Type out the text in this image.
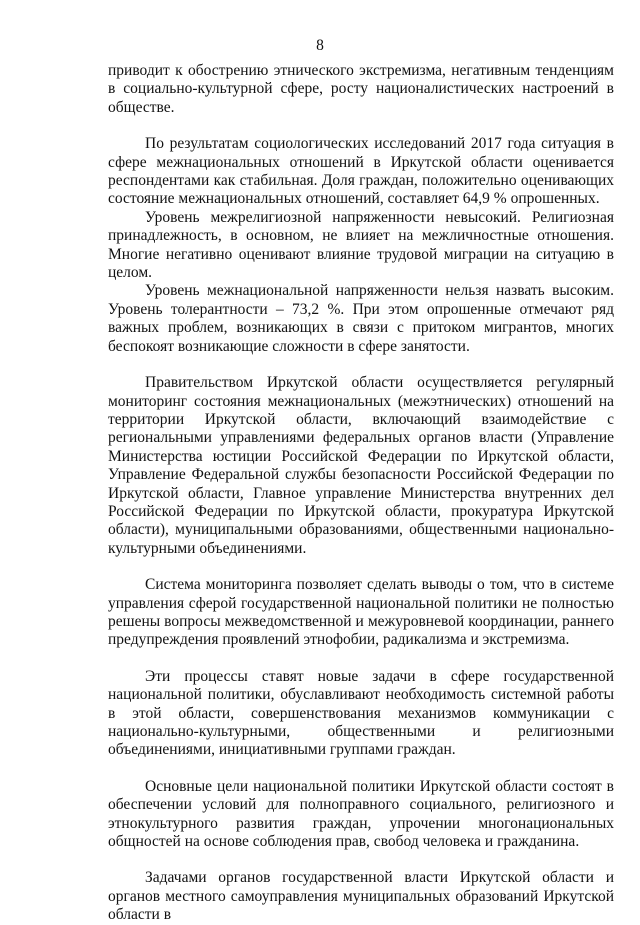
8

приводит к обострению этнического экстремизма, негативным тенденциям в социально-культурной сфере, росту националистических настроений в обществе.

По результатам социологических исследований 2017 года ситуация в сфере межнациональных отношений в Иркутской области оценивается респондентами как стабильная. Доля граждан, положительно оценивающих состояние межнациональных отношений, составляет 64,9 % опрошенных.

Уровень межрелигиозной напряженности невысокий. Религиозная принадлежность, в основном, не влияет на межличностные отношения. Многие негативно оценивают влияние трудовой миграции на ситуацию в целом.

Уровень межнациональной напряженности нельзя назвать высоким. Уровень толерантности – 73,2 %. При этом опрошенные отмечают ряд важных проблем, возникающих в связи с притоком мигрантов, многих беспокоят возникающие сложности в сфере занятости.

Правительством Иркутской области осуществляется регулярный мониторинг состояния межнациональных (межэтнических) отношений на территории Иркутской области, включающий взаимодействие с региональными управлениями федеральных органов власти (Управление Министерства юстиции Российской Федерации по Иркутской области, Управление Федеральной службы безопасности Российской Федерации по Иркутской области, Главное управление Министерства внутренних дел Российской Федерации по Иркутской области, прокуратура Иркутской области), муниципальными образованиями, общественными национально-культурными объединениями.

Система мониторинга позволяет сделать выводы о том, что в системе управления сферой государственной национальной политики не полностью решены вопросы межведомственной и межуровневой координации, раннего предупреждения проявлений этнофобии, радикализма и экстремизма.

Эти процессы ставят новые задачи в сфере государственной национальной политики, обуславливают необходимость системной работы в этой области, совершенствования механизмов коммуникации с национально-культурными, общественными и религиозными объединениями, инициативными группами граждан.

Основные цели национальной политики Иркутской области состоят в обеспечении условий для полноправного социального, религиозного и этнокультурного развития граждан, упрочении многонациональных общностей на основе соблюдения прав, свобод человека и гражданина.

Задачами органов государственной власти Иркутской области и органов местного самоуправления муниципальных образований Иркутской области в
